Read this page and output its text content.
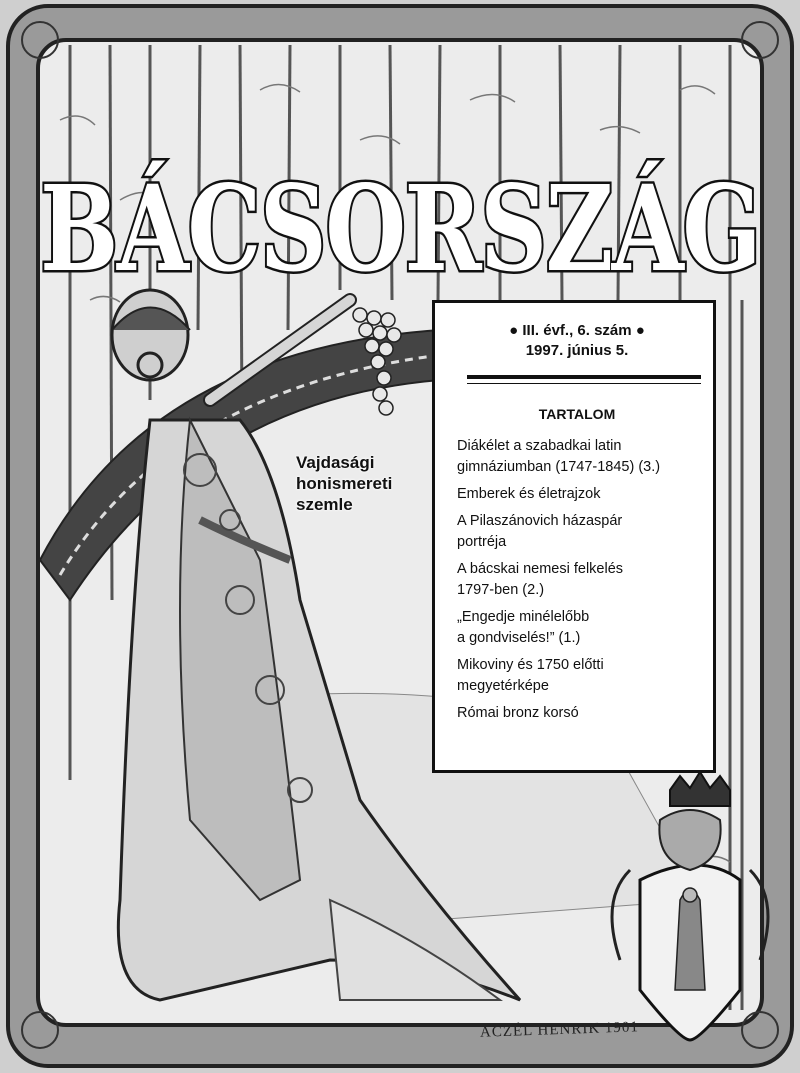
BÁCSORSZÁG
Vajdasági
honismereti
szemle
● III. évf., 6. szám ●
1997. június 5.
TARTALOM
Diákélet a szabadkai latin
gimnáziumban (1747-1845) (3.)
Emberek és életrajzok
A Pilaszánovich házaspár
portréja
A bácskai nemesi felkelés
1797-ben (2.)
„Engedje minélelőbb
a gondviselés!” (1.)
Mikoviny és 1750 előtti
megyetérképe
Római bronz korsó
ACZÉL HENRIK 1901
